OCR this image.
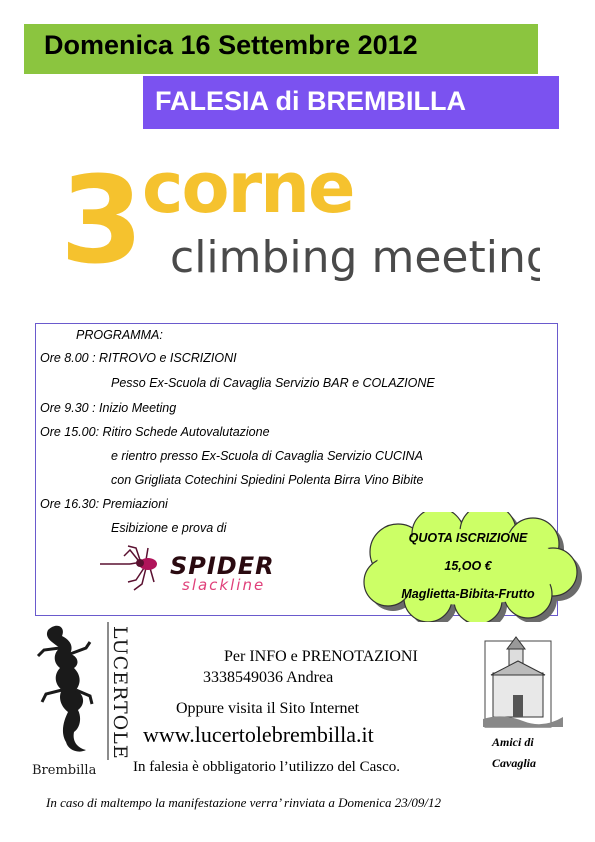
Domenica 16 Settembre 2012
FALESIA di BREMBILLA
3
corne
climbing meeting
PROGRAMMA:
Ore 8.00 : RITROVO e ISCRIZIONI
Pesso Ex-Scuola di Cavaglia Servizio BAR e COLAZIONE
Ore 9.30 : Inizio Meeting
Ore 15.00: Ritiro Schede Autovalutazione
e rientro presso Ex-Scuola di Cavaglia Servizio CUCINA
con Grigliata Cotechini Spiedini Polenta Birra Vino Bibite
Ore 16.30: Premiazioni
Esibizione e prova di
SPIDER
slackline
QUOTA ISCRIZIONE
15,OO €
Maglietta-Bibita-Frutto
LUCERTOLE
Brembilla
Amici di
Cavaglia
Per INFO e PRENOTAZIONI
3338549036 Andrea
Oppure visita il Sito Internet
www.lucertolebrembilla.it
In falesia è obbligatorio l’utilizzo del Casco.
In caso di maltempo la manifestazione verra’ rinviata a Domenica 23/09/12
